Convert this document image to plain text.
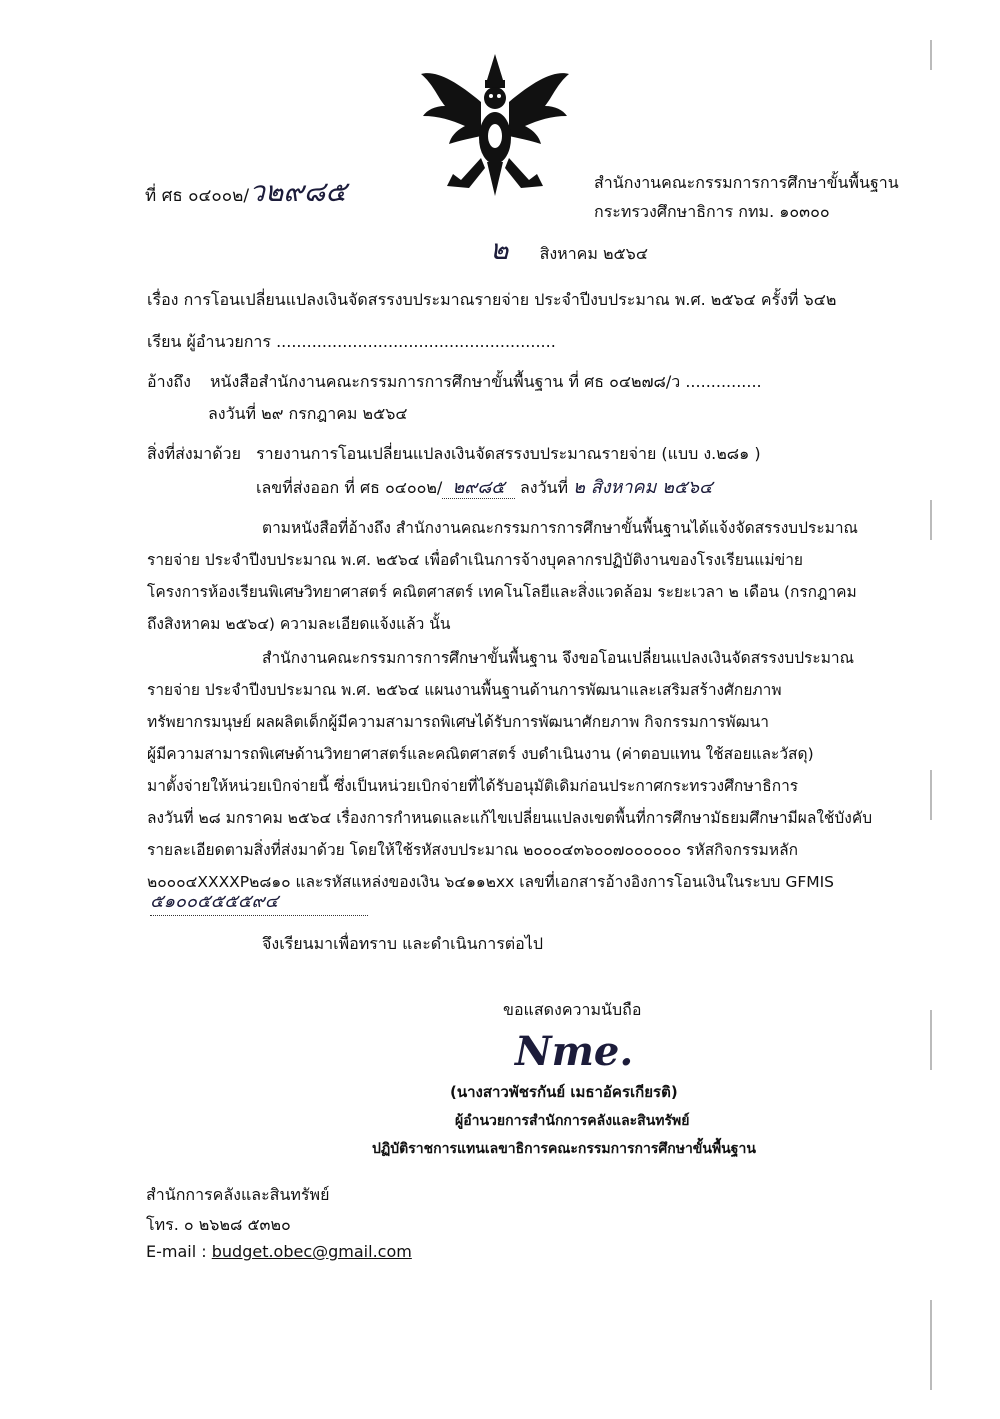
ที่ ศธ ๐๔๐๐๒/ว๒๙๘๕	สำนักงานคณะกรรมการการศึกษาขั้นพื้นฐาน
กระทรวงศึกษาธิการ กทม. ๑๐๓๐๐
๒ สิงหาคม ๒๕๖๔
เรื่อง การโอนเปลี่ยนแปลงเงินจัดสรรงบประมาณรายจ่าย ประจำปีงบประมาณ พ.ศ. ๒๕๖๔ ครั้งที่ ๖๔๒
เรียน ผู้อำนวยการ .......................................................
อ้างถึง หนังสือสำนักงานคณะกรรมการการศึกษาขั้นพื้นฐาน ที่ ศธ ๐๔๒๗๘/ว ...............
ลงวันที่ ๒๙ กรกฎาคม ๒๕๖๔
สิ่งที่ส่งมาด้วย รายงานการโอนเปลี่ยนแปลงเงินจัดสรรงบประมาณรายจ่าย (แบบ ง.๒๘๑ )
เลขที่ส่งออก ที่ ศธ ๐๔๐๐๒/ ๒๙๘๕ ลงวันที่ ๒ สิงหาคม ๒๕๖๔
ตามหนังสือที่อ้างถึง สำนักงานคณะกรรมการการศึกษาขั้นพื้นฐานได้แจ้งจัดสรรงบประมาณ
รายจ่าย ประจำปีงบประมาณ พ.ศ. ๒๕๖๔ เพื่อดำเนินการจ้างบุคลากรปฏิบัติงานของโรงเรียนแม่ข่าย
โครงการห้องเรียนพิเศษวิทยาศาสตร์ คณิตศาสตร์ เทคโนโลยีและสิ่งแวดล้อม ระยะเวลา ๒ เดือน (กรกฎาคม
ถึงสิงหาคม ๒๕๖๔) ความละเอียดแจ้งแล้ว นั้น
สำนักงานคณะกรรมการการศึกษาขั้นพื้นฐาน จึงขอโอนเปลี่ยนแปลงเงินจัดสรรงบประมาณ
รายจ่าย ประจำปีงบประมาณ พ.ศ. ๒๕๖๔ แผนงานพื้นฐานด้านการพัฒนาและเสริมสร้างศักยภาพ
ทรัพยากรมนุษย์ ผลผลิตเด็กผู้มีความสามารถพิเศษได้รับการพัฒนาศักยภาพ กิจกรรมการพัฒนา
ผู้มีความสามารถพิเศษด้านวิทยาศาสตร์และคณิตศาสตร์ งบดำเนินงาน (ค่าตอบแทน ใช้สอยและวัสดุ)
มาตั้งจ่ายให้หน่วยเบิกจ่ายนี้ ซึ่งเป็นหน่วยเบิกจ่ายที่ได้รับอนุมัติเดิมก่อนประกาศกระทรวงศึกษาธิการ
ลงวันที่ ๒๘ มกราคม ๒๕๖๔ เรื่องการกำหนดและแก้ไขเปลี่ยนแปลงเขตพื้นที่การศึกษามัธยมศึกษามีผลใช้บังคับ
รายละเอียดตามสิ่งที่ส่งมาด้วย โดยให้ใช้รหัสงบประมาณ ๒๐๐๐๔๓๖๐๐๗๐๐๐๐๐๐ รหัสกิจกรรมหลัก
๒๐๐๐๔XXXXP๒๘๑๐ และรหัสแหล่งของเงิน ๖๔๑๑๒xx เลขที่เอกสารอ้างอิงการโอนเงินในระบบ GFMIS
๕๑๐๐๕๕๕๕๙๔
จึงเรียนมาเพื่อทราบ และดำเนินการต่อไป
ขอแสดงความนับถือ
Nme.
(นางสาวพัชรกันย์ เมธาอัครเกียรติ)
ผู้อำนวยการสำนักการคลังและสินทรัพย์
ปฏิบัติราชการแทนเลขาธิการคณะกรรมการการศึกษาขั้นพื้นฐาน
สำนักการคลังและสินทรัพย์
โทร. ๐ ๒๖๒๘ ๕๓๒๐
E-mail : budget.obec@gmail.com
